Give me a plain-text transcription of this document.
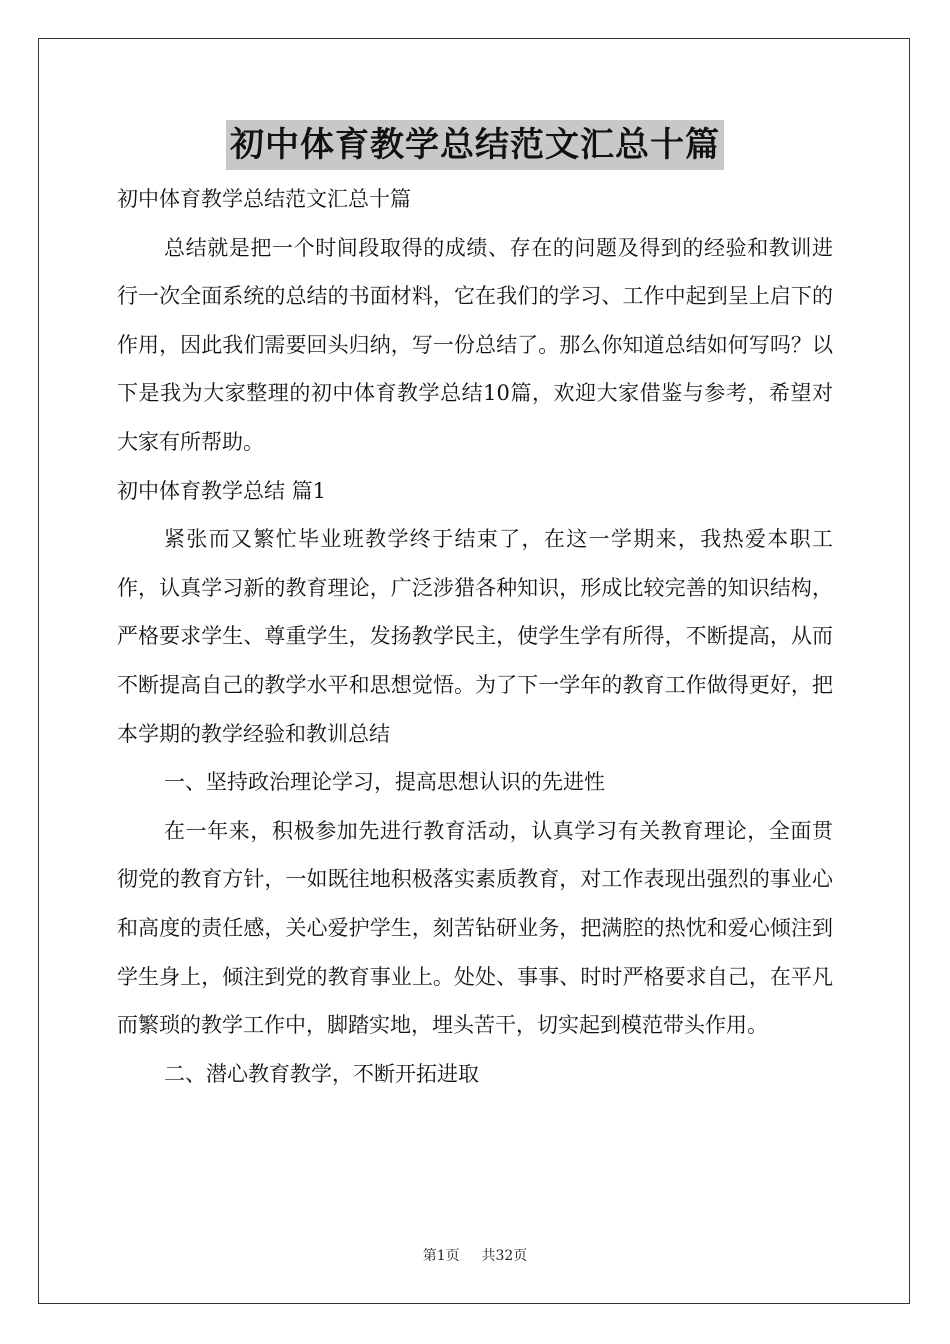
初中体育教学总结范文汇总十篇

初中体育教学总结范文汇总十篇

总结就是把一个时间段取得的成绩、存在的问题及得到的经验和教训进行一次全面系统的总结的书面材料，它在我们的学习、工作中起到呈上启下的作用，因此我们需要回头归纳，写一份总结了。那么你知道总结如何写吗？以下是我为大家整理的初中体育教学总结10篇，欢迎大家借鉴与参考，希望对大家有所帮助。

初中体育教学总结 篇1

紧张而又繁忙毕业班教学终于结束了，在这一学期来，我热爱本职工作，认真学习新的教育理论，广泛涉猎各种知识，形成比较完善的知识结构，严格要求学生、尊重学生，发扬教学民主，使学生学有所得，不断提高，从而不断提高自己的教学水平和思想觉悟。为了下一学年的教育工作做得更好，把本学期的教学经验和教训总结

一、坚持政治理论学习，提高思想认识的先进性

在一年来，积极参加先进行教育活动，认真学习有关教育理论，全面贯彻党的教育方针，一如既往地积极落实素质教育，对工作表现出强烈的事业心和高度的责任感，关心爱护学生，刻苦钻研业务，把满腔的热忱和爱心倾注到学生身上，倾注到党的教育事业上。处处、事事、时时严格要求自己，在平凡而繁琐的教学工作中，脚踏实地，埋头苦干，切实起到模范带头作用。

二、潜心教育教学，不断开拓进取

第1页 共32页
